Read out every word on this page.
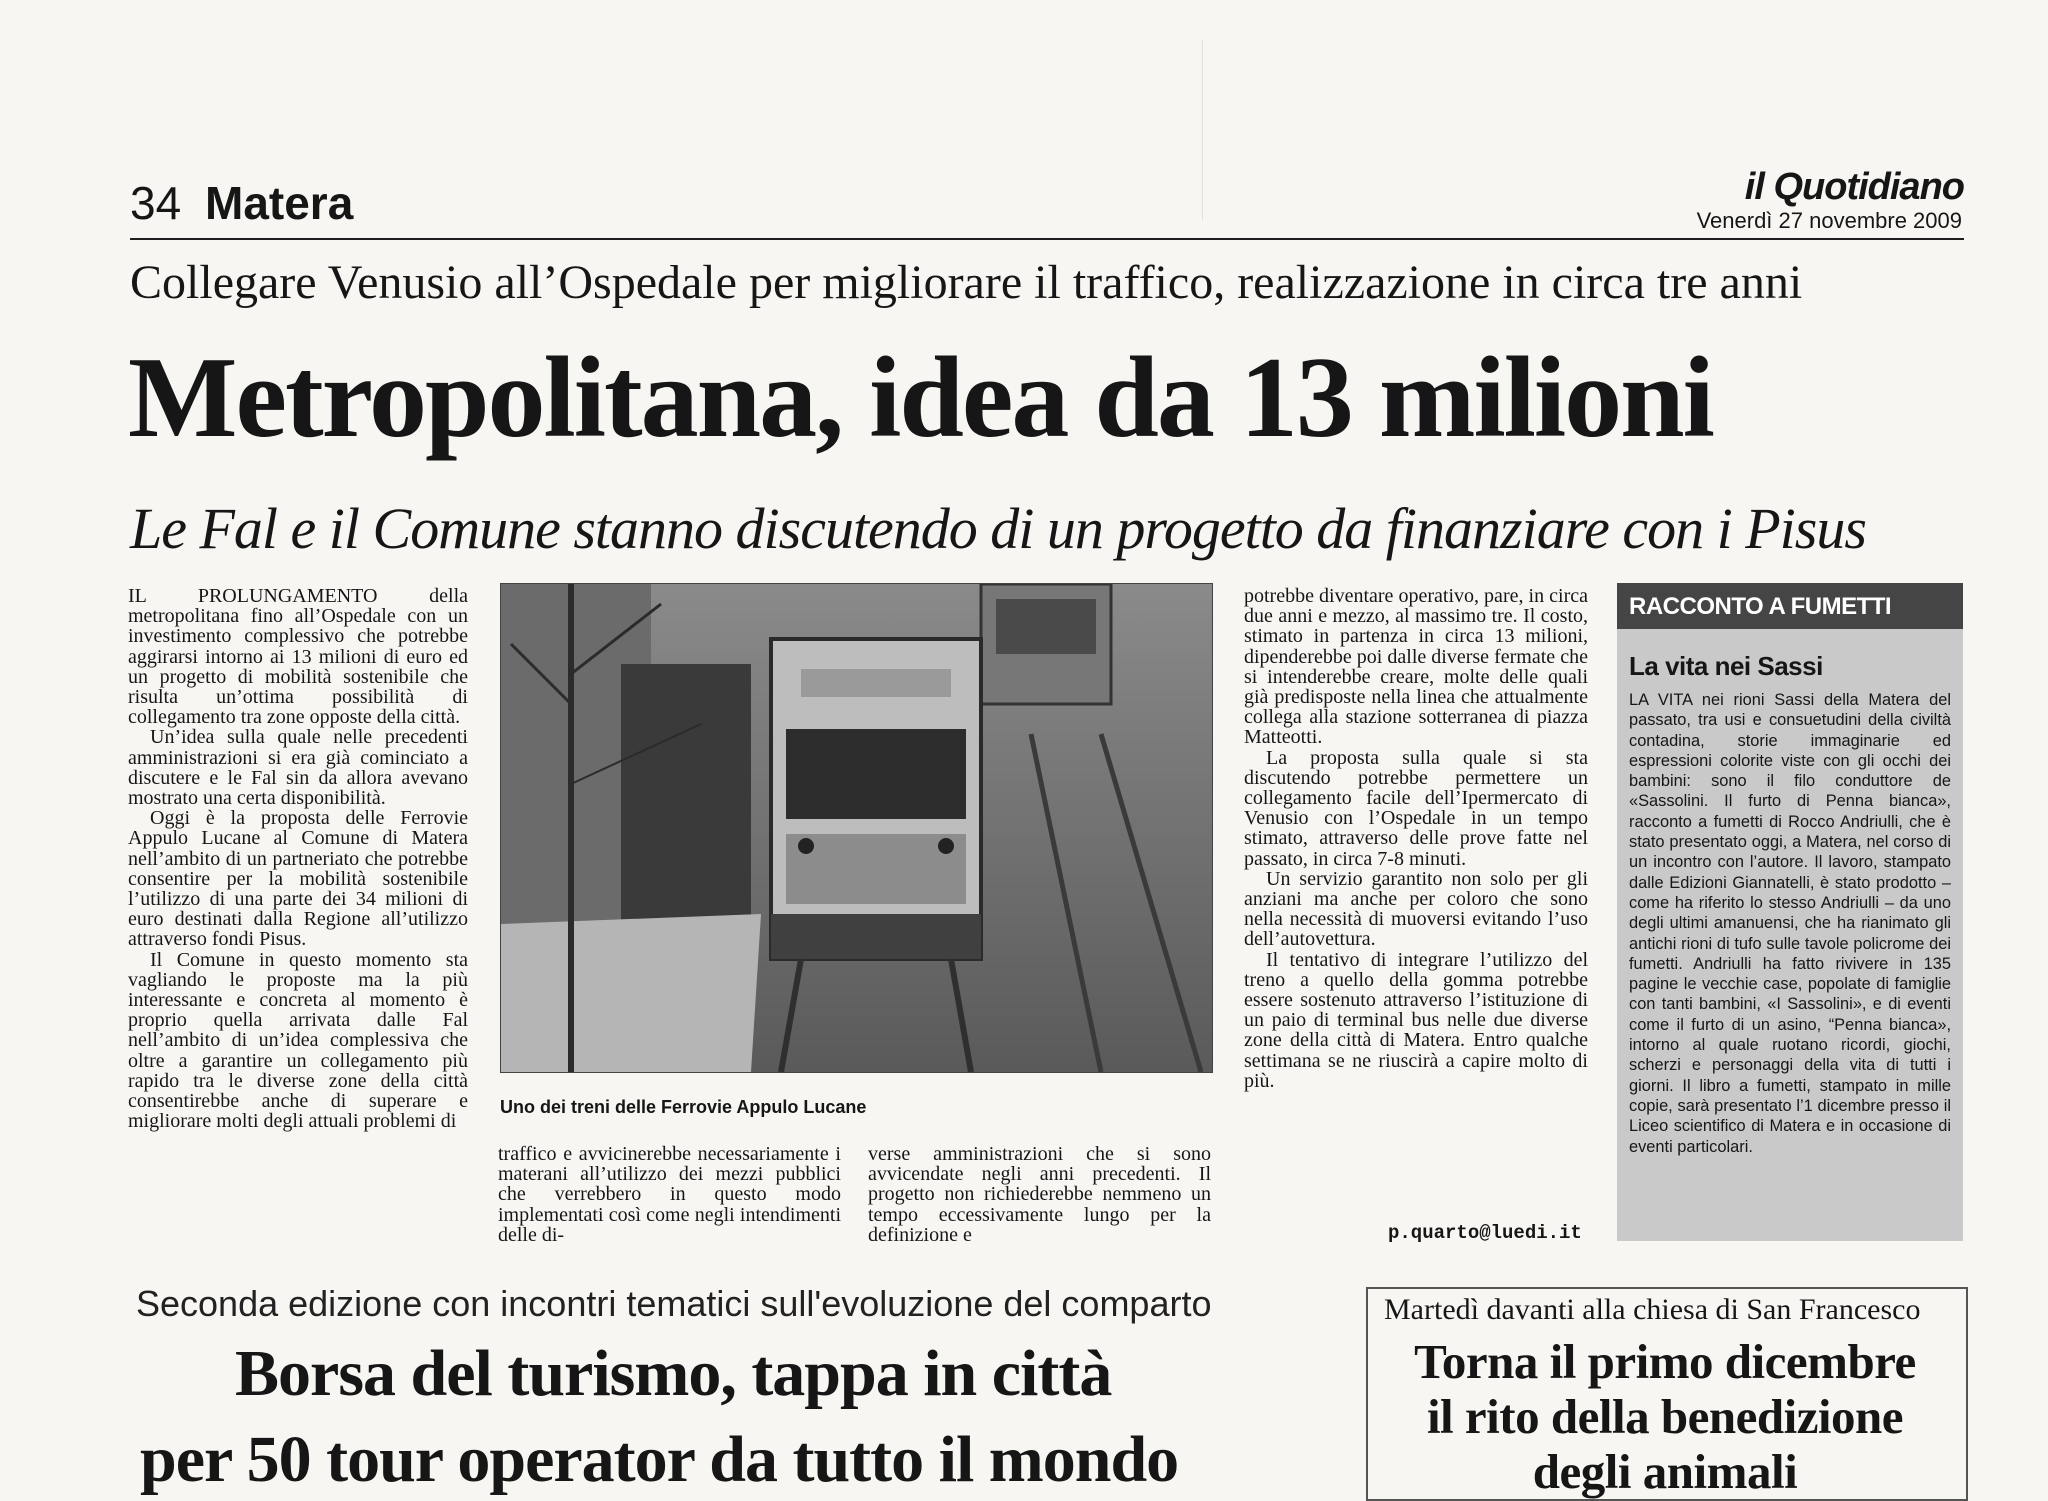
34 Matera	il Quotidiano
Venerdì 27 novembre 2009
Collegare Venusio all’Ospedale per migliorare il traffico, realizzazione in circa tre anni
Metropolitana, idea da 13 milioni
Le Fal e il Comune stanno discutendo di un progetto da finanziare con i Pisus

IL PROLUNGAMENTO della metropolitana fino all’Ospedale con un investimento complessivo che potrebbe aggirarsi intorno ai 13 milioni di euro ed un progetto di mobilità sostenibile che risulta un’ottima possibilità di collegamento tra zone opposte della città.

Un’idea sulla quale nelle precedenti amministrazioni si era già cominciato a discutere e le Fal sin da allora avevano mostrato una certa disponibilità.

Oggi è la proposta delle Ferrovie Appulo Lucane al Comune di Matera nell’ambito di un partneriato che potrebbe consentire per la mobilità sostenibile l’utilizzo di una parte dei 34 milioni di euro destinati dalla Regione all’utilizzo attraverso fondi Pisus.

Il Comune in questo momento sta vagliando le proposte ma la più interessante e concreta al momento è proprio quella arrivata dalle Fal nell’ambito di un’idea complessiva che oltre a garantire un collegamento più rapido tra le diverse zone della città consentirebbe anche di superare e migliorare molti degli attuali problemi di

Uno dei treni delle Ferrovie Appulo Lucane

traffico e avvicinerebbe necessariamente i materani all’utilizzo dei mezzi pubblici che verrebbero in questo modo implementati così come negli intendimenti delle di-

verse amministrazioni che si sono avvicendate negli anni precedenti. Il progetto non richiederebbe nemmeno un tempo eccessivamente lungo per la definizione e

potrebbe diventare operativo, pare, in circa due anni e mezzo, al massimo tre. Il costo, stimato in partenza in circa 13 milioni, dipenderebbe poi dalle diverse fermate che si intenderebbe creare, molte delle quali già predisposte nella linea che attualmente collega alla stazione sotterranea di piazza Matteotti.

La proposta sulla quale si sta discutendo potrebbe permettere un collegamento facile dell’Ipermercato di Venusio con l’Ospedale in un tempo stimato, attraverso delle prove fatte nel passato, in circa 7-8 minuti.

Un servizio garantito non solo per gli anziani ma anche per coloro che sono nella necessità di muoversi evitando l’uso dell’autovettura.

Il tentativo di integrare l’utilizzo del treno a quello della gomma potrebbe essere sostenuto attraverso l’istituzione di un paio di terminal bus nelle due diverse zone della città di Matera. Entro qualche settimana se ne riuscirà a capire molto di più.

p.quarto@luedi.it
RACCONTO A FUMETTI
La vita nei Sassi
LA VITA nei rioni Sassi della Matera del passato, tra usi e consuetudini della civiltà contadina, storie immaginarie ed espressioni colorite viste con gli occhi dei bambini: sono il filo conduttore de «Sassolini. Il furto di Penna bianca», racconto a fumetti di Rocco Andriulli, che è stato presentato oggi, a Matera, nel corso di un incontro con l’autore. Il lavoro, stampato dalle Edizioni Giannatelli, è stato prodotto – come ha riferito lo stesso Andriulli – da uno degli ultimi amanuensi, che ha rianimato gli antichi rioni di tufo sulle tavole policrome dei fumetti. Andriulli ha fatto rivivere in 135 pagine le vecchie case, popolate di famiglie con tanti bambini, «I Sassolini», e di eventi come il furto di un asino, “Penna bianca», intorno al quale ruotano ricordi, giochi, scherzi e personaggi della vita di tutti i giorni. Il libro a fumetti, stampato in mille copie, sarà presentato l’1 dicembre presso il Liceo scientifico di Matera e in occasione di eventi particolari.
Seconda edizione con incontri tematici sull'evoluzione del comparto
Borsa del turismo, tappa in città
per 50 tour operator da tutto il mondo
Martedì davanti alla chiesa di San Francesco
Torna il primo dicembre
il rito della benedizione
degli animali
